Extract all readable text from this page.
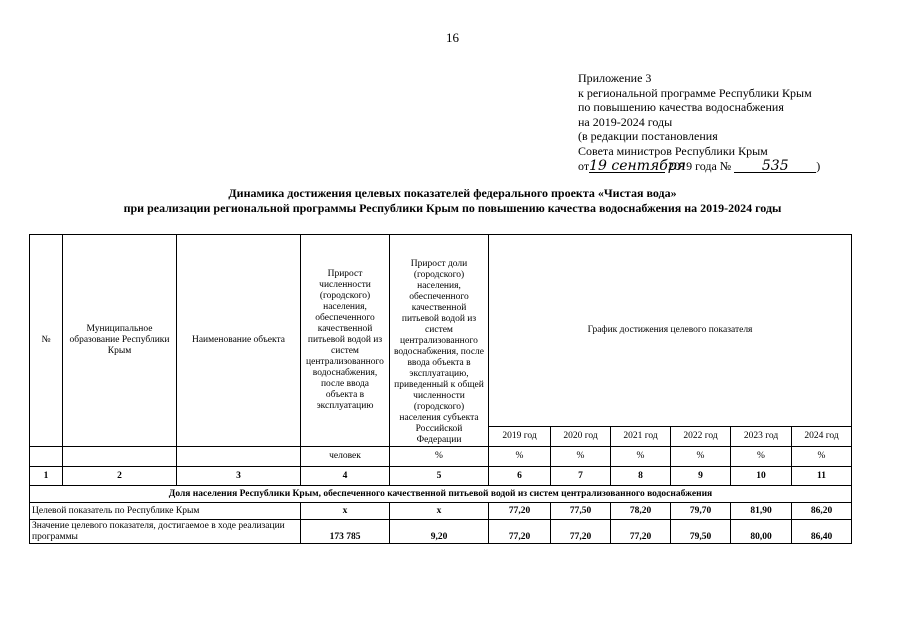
16
Приложение 3
к региональной программе Республики Крым
по повышению качества водоснабжения
на 2019-2024 годы
(в редакции постановления
Совета министров Республики Крым
от19 сентября 2019 года № 535 )
Динамика достижения целевых показателей федерального проекта «Чистая вода»
при реализации региональной программы Республики Крым по повышению качества водоснабжения на 2019-2024 годы
№	Муниципальное образование Республики Крым	Наименование объекта	Прирост численности (городского) населения, обеспеченного качественной питьевой водой из систем централизованного водоснабжения, после ввода объекта в эксплуатацию	Прирост доли (городского) населения, обеспеченного качественной питьевой водой из систем централизованного водоснабжения, после ввода объекта в эксплуатацию, приведенный к общей численности (городского) населения субъекта Российской Федерации	График достижения целевого показателя					
					2019 год	2020 год	2021 год	2022 год	2023 год	2024 год
			человек	%	%	%	%	%	%	%
1	2	3	4	5	6	7	8	9	10	11
Доля населения Республики Крым, обеспеченного качественной питьевой водой из систем централизованного водоснабжения										
Целевой показатель по Республике Крым			х	х	77,20	77,50	78,20	79,70	81,90	86,20
Значение целевого показателя, достигаемое в ходе реализации программы			173 785	9,20	77,20	77,20	77,20	79,50	80,00	86,40
